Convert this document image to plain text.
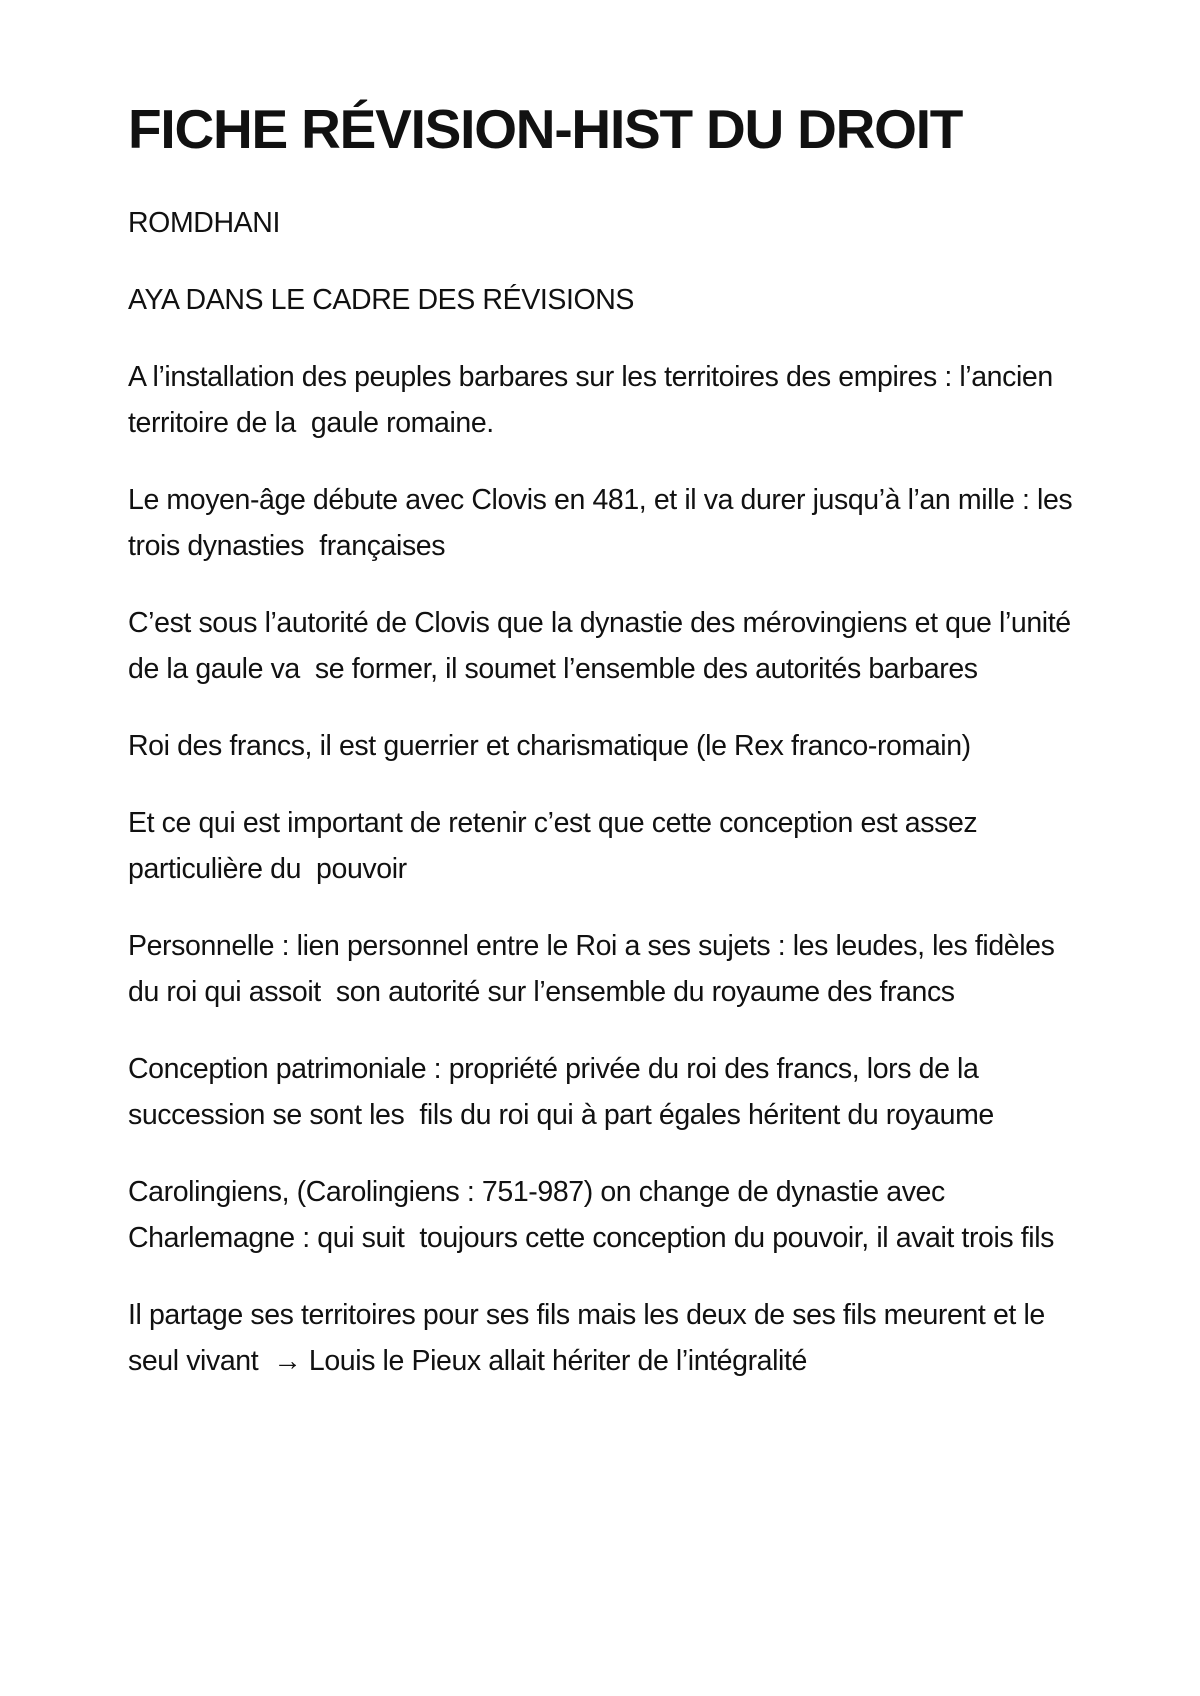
FICHE RÉVISION-HIST DU DROIT

ROMDHANI

AYA DANS LE CADRE DES RÉVISIONS

A l’installation des peuples barbares sur les territoires des empires : l’ancien territoire de la  gaule romaine.

Le moyen-âge débute avec Clovis en 481, et il va durer jusqu’à l’an mille : les trois dynasties  françaises

C’est sous l’autorité de Clovis que la dynastie des mérovingiens et que l’unité de la gaule va  se former, il soumet l’ensemble des autorités barbares

Roi des francs, il est guerrier et charismatique (le Rex franco-romain)

Et ce qui est important de retenir c’est que cette conception est assez particulière du  pouvoir

Personnelle : lien personnel entre le Roi a ses sujets : les leudes, les fidèles du roi qui assoit  son autorité sur l’ensemble du royaume des francs

Conception patrimoniale : propriété privée du roi des francs, lors de la succession se sont les  fils du roi qui à part égales héritent du royaume

Carolingiens, (Carolingiens : 751-987) on change de dynastie avec Charlemagne : qui suit  toujours cette conception du pouvoir, il avait trois fils

Il partage ses territoires pour ses fils mais les deux de ses fils meurent et le seul vivant  → Louis le Pieux allait hériter de l’intégralité
